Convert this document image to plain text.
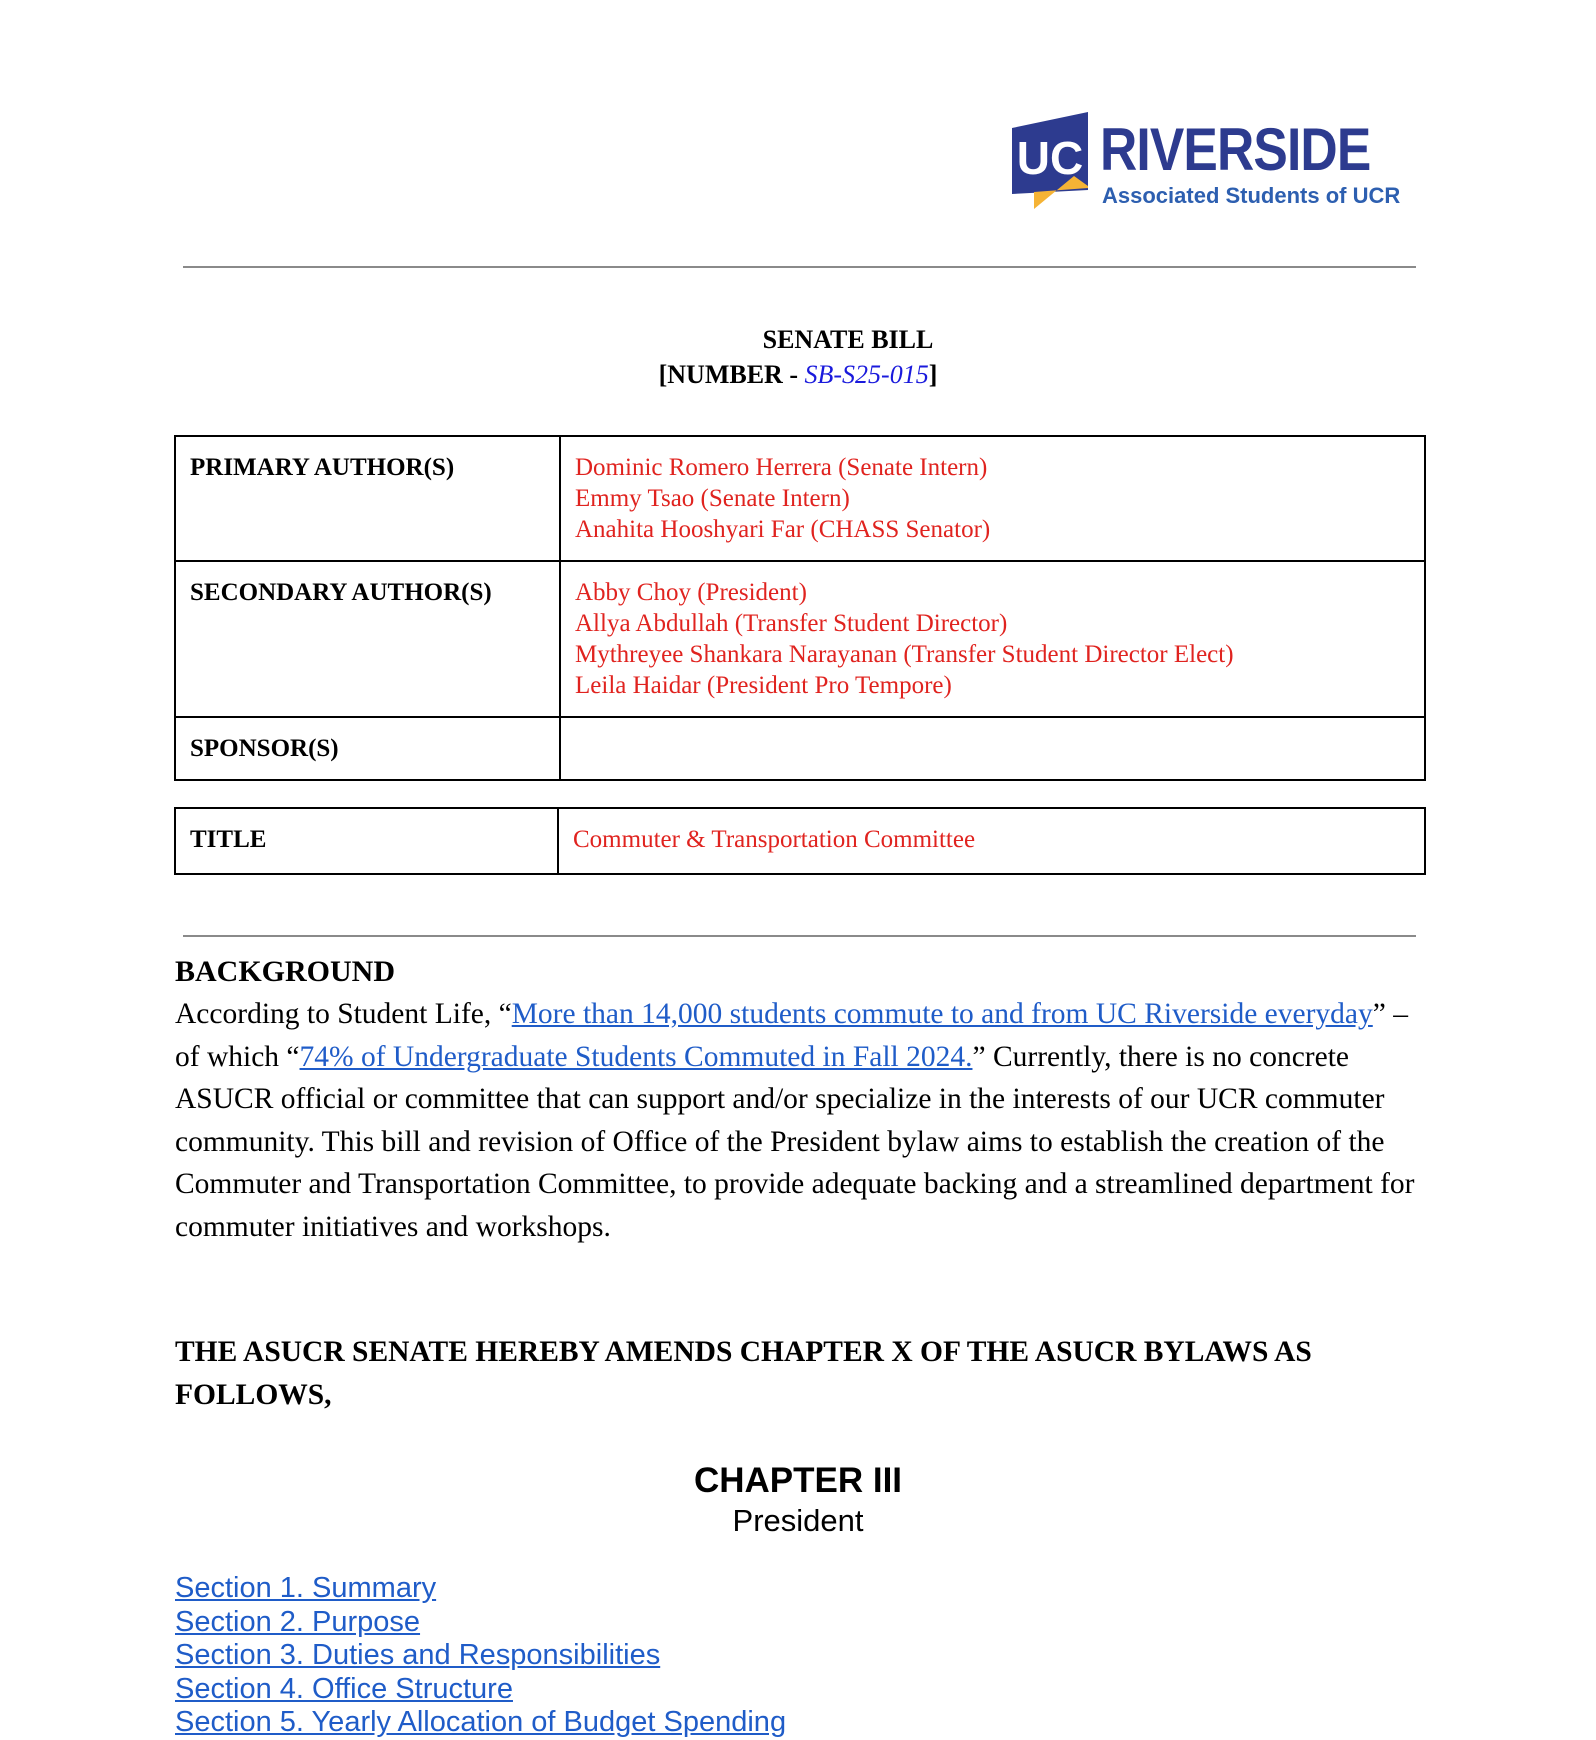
UC RIVERSIDE
Associated Students of UCR
SENATE BILL
[NUMBER - SB-S25-015]
PRIMARY AUTHOR(S)	Dominic Romero Herrera (Senate Intern)
Emmy Tsao (Senate Intern)
Anahita Hooshyari Far (CHASS Senator)

SECONDARY AUTHOR(S)	Abby Choy (President)
Allya Abdullah (Transfer Student Director)
Mythreyee Shankara Narayanan (Transfer Student Director Elect)
Leila Haidar (President Pro Tempore)

SPONSOR(S)	
TITLE	Commuter & Transportation Committee
BACKGROUND
According to Student Life, “More than 14,000 students commute to and from UC Riverside everyday” – of which “74% of Undergraduate Students Commuted in Fall 2024.” Currently, there is no concrete ASUCR official or committee that can support and/or specialize in the interests of our UCR commuter community. This bill and revision of Office of the President bylaw aims to establish the creation of the Commuter and Transportation Committee, to provide adequate backing and a streamlined department for commuter initiatives and workshops.
THE ASUCR SENATE HEREBY AMENDS CHAPTER X OF THE ASUCR BYLAWS AS FOLLOWS,
CHAPTER III
President
Section 1. Summary
Section 2. Purpose
Section 3. Duties and Responsibilities
Section 4. Office Structure
Section 5. Yearly Allocation of Budget Spending
